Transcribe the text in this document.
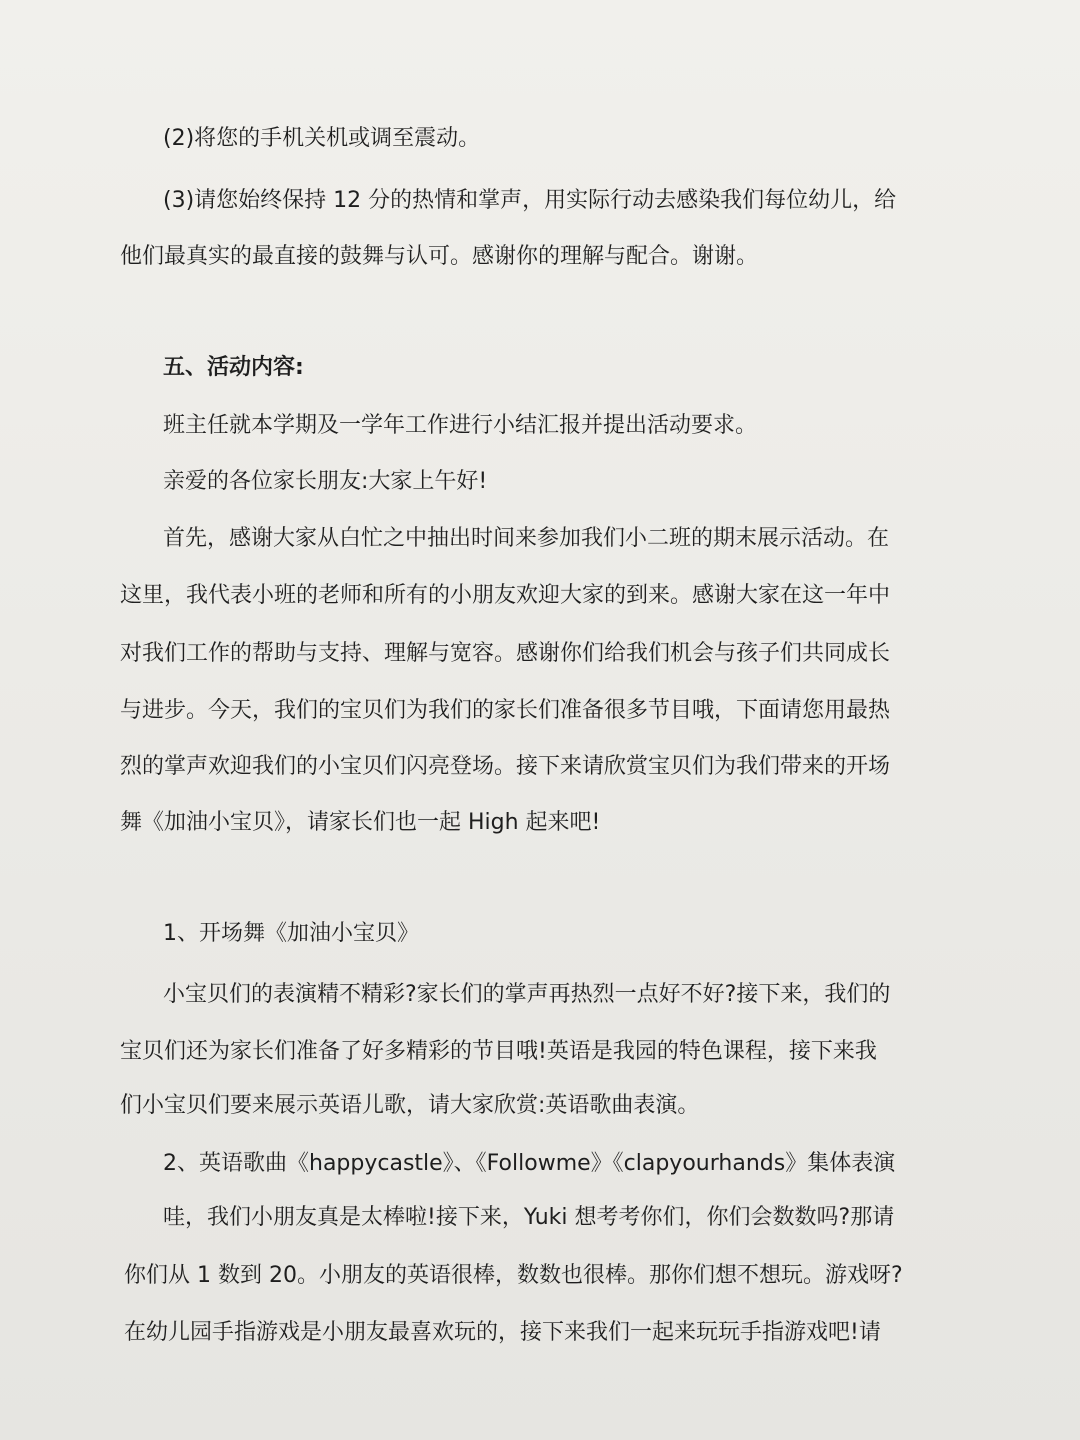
(2)将您的手机关机或调至震动。
(3)请您始终保持 12 分的热情和掌声，用实际行动去感染我们每位幼儿，给
他们最真实的最直接的鼓舞与认可。感谢你的理解与配合。谢谢。
五、活动内容:
班主任就本学期及一学年工作进行小结汇报并提出活动要求。
亲爱的各位家长朋友:大家上午好!
首先，感谢大家从白忙之中抽出时间来参加我们小二班的期末展示活动。在
这里，我代表小班的老师和所有的小朋友欢迎大家的到来。感谢大家在这一年中
对我们工作的帮助与支持、理解与宽容。感谢你们给我们机会与孩子们共同成长
与进步。今天，我们的宝贝们为我们的家长们准备很多节目哦，下面请您用最热
烈的掌声欢迎我们的小宝贝们闪亮登场。接下来请欣赏宝贝们为我们带来的开场
舞《加油小宝贝》，请家长们也一起 High 起来吧!
1、开场舞《加油小宝贝》
小宝贝们的表演精不精彩?家长们的掌声再热烈一点好不好?接下来，我们的
宝贝们还为家长们准备了好多精彩的节目哦!英语是我园的特色课程，接下来我
们小宝贝们要来展示英语儿歌，请大家欣赏:英语歌曲表演。
2、英语歌曲《happycastle》、《Followme》《clapyourhands》集体表演
哇，我们小朋友真是太棒啦!接下来，Yuki 想考考你们，你们会数数吗?那请
你们从 1 数到 20。小朋友的英语很棒，数数也很棒。那你们想不想玩。游戏呀?
在幼儿园手指游戏是小朋友最喜欢玩的，接下来我们一起来玩玩手指游戏吧!请
